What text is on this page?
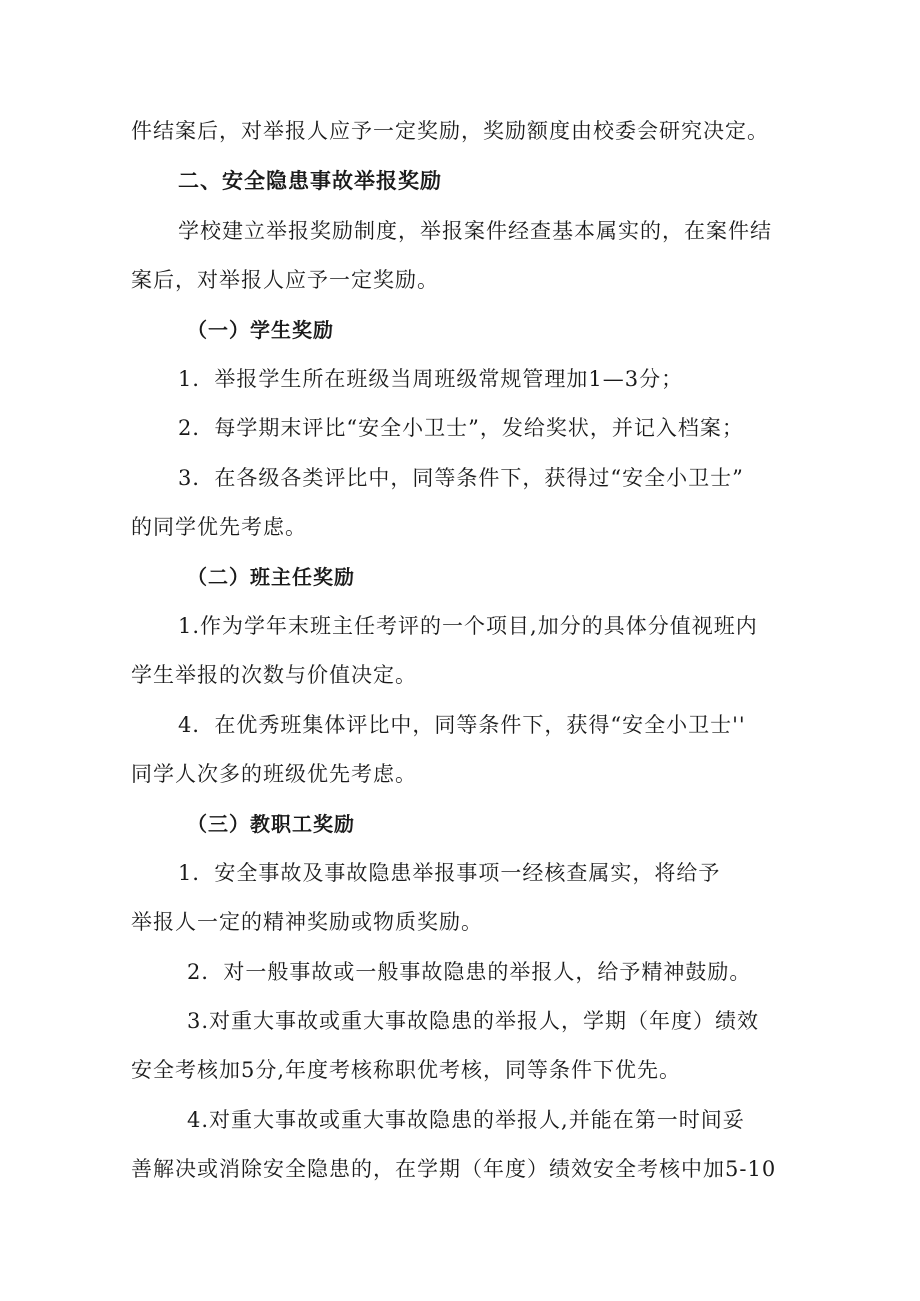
件结案后，对举报人应予一定奖励，奖励额度由校委会研究决定。
二、安全隐患事故举报奖励
学校建立举报奖励制度，举报案件经查基本属实的，在案件结
案后，对举报人应予一定奖励。
（一）学生奖励
1．举报学生所在班级当周班级常规管理加1—3分；
2．每学期末评比“安全小卫士”，发给奖状，并记入档案；
3．在各级各类评比中，同等条件下，获得过“安全小卫士”
的同学优先考虑。
（二）班主任奖励
1.作为学年末班主任考评的一个项目,加分的具体分值视班内
学生举报的次数与价值决定。
4．在优秀班集体评比中，同等条件下，获得“安全小卫士''
同学人次多的班级优先考虑。
（三）教职工奖励
1．安全事故及事故隐患举报事项一经核查属实，将给予
举报人一定的精神奖励或物质奖励。
2．对一般事故或一般事故隐患的举报人，给予精神鼓励。
3.对重大事故或重大事故隐患的举报人，学期（年度）绩效
安全考核加5分,年度考核称职优考核，同等条件下优先。
4.对重大事故或重大事故隐患的举报人,并能在第一时间妥
善解决或消除安全隐患的，在学期（年度）绩效安全考核中加5-10
